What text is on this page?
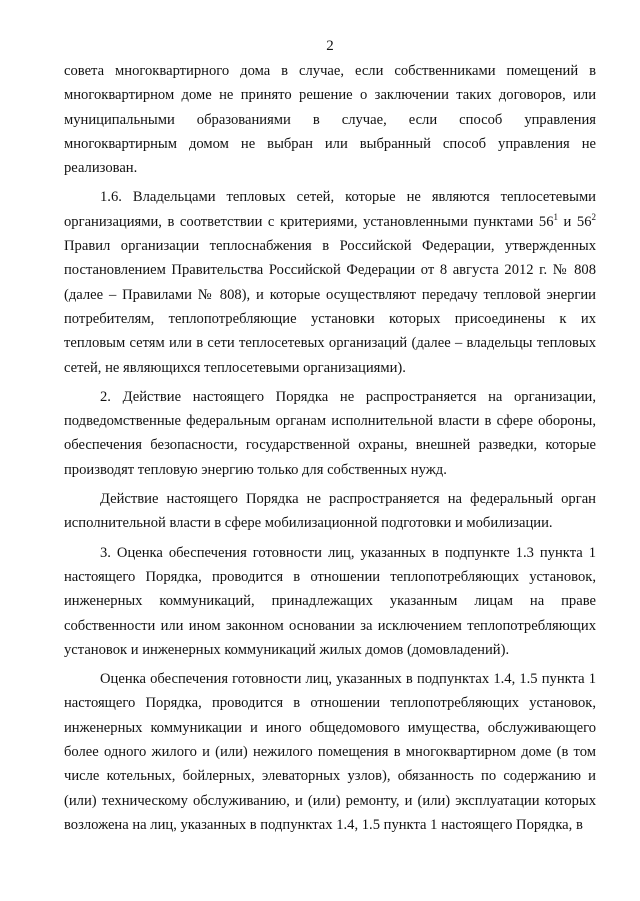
2

совета многоквартирного дома в случае, если собственниками помещений в многоквартирном доме не принято решение о заключении таких договоров, или муниципальными образованиями в случае, если способ управления многоквартирным домом не выбран или выбранный способ управления не реализован.

1.6. Владельцами тепловых сетей, которые не являются теплосетевыми организациями, в соответствии с критериями, установленными пунктами $56^1$ и $56^2$ Правил организации теплоснабжения в Российской Федерации, утвержденных постановлением Правительства Российской Федерации от 8 августа 2012 г. № 808 (далее – Правилами № 808), и которые осуществляют передачу тепловой энергии потребителям, теплопотребляющие установки которых присоединены к их тепловым сетям или в сети теплосетевых организаций (далее – владельцы тепловых сетей, не являющихся теплосетевыми организациями).

2. Действие настоящего Порядка не распространяется на организации, подведомственные федеральным органам исполнительной власти в сфере обороны, обеспечения безопасности, государственной охраны, внешней разведки, которые производят тепловую энергию только для собственных нужд.

Действие настоящего Порядка не распространяется на федеральный орган исполнительной власти в сфере мобилизационной подготовки и мобилизации.

3. Оценка обеспечения готовности лиц, указанных в подпункте 1.3 пункта 1 настоящего Порядка, проводится в отношении теплопотребляющих установок, инженерных коммуникаций, принадлежащих указанным лицам на праве собственности или ином законном основании за исключением теплопотребляющих установок и инженерных коммуникаций жилых домов (домовладений).

Оценка обеспечения готовности лиц, указанных в подпунктах 1.4, 1.5 пункта 1 настоящего Порядка, проводится в отношении теплопотребляющих установок, инженерных коммуникации и иного общедомового имущества, обслуживающего более одного жилого и (или) нежилого помещения в многоквартирном доме (в том числе котельных, бойлерных, элеваторных узлов), обязанность по содержанию и (или) техническому обслуживанию, и (или) ремонту, и (или) эксплуатации которых возложена на лиц, указанных в подпунктах 1.4, 1.5 пункта 1 настоящего Порядка, в
